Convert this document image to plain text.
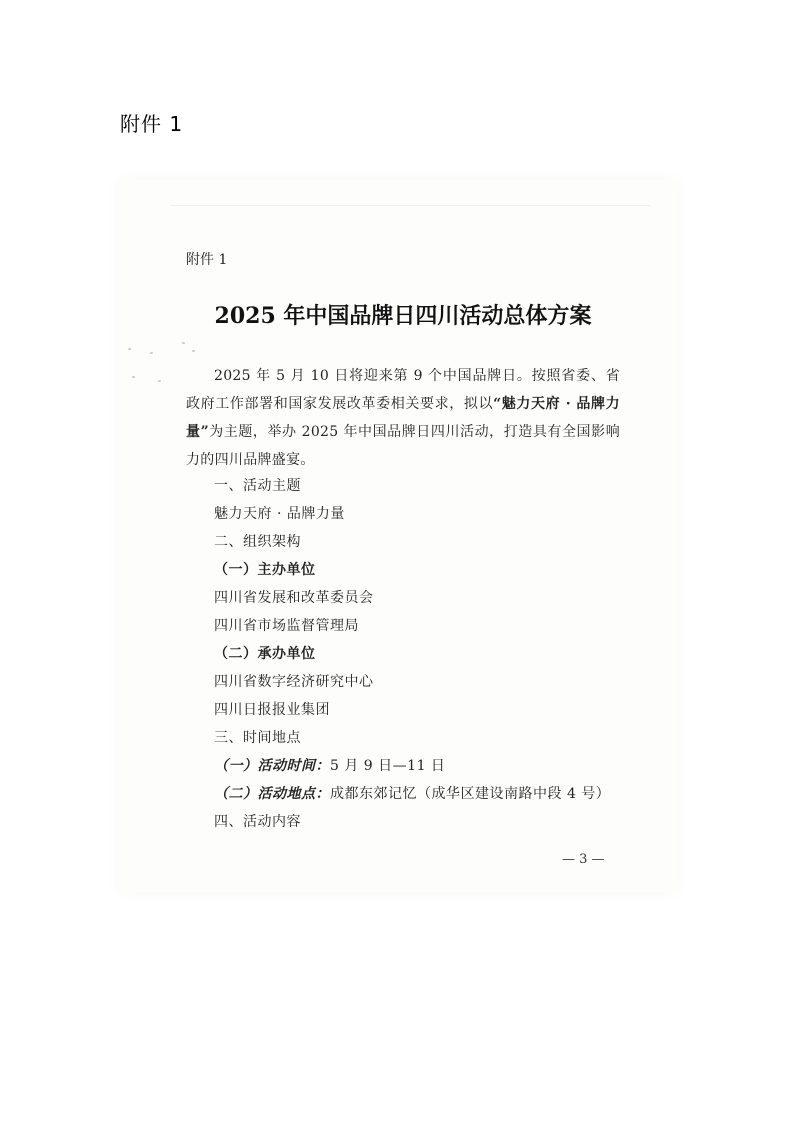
附件 1
附件 1
2025 年中国品牌日四川活动总体方案
2025 年 5 月 10 日将迎来第 9 个中国品牌日。按照省委、省政府工作部署和国家发展改革委相关要求，拟以“魅力天府 · 品牌力量”为主题，举办 2025 年中国品牌日四川活动，打造具有全国影响力的四川品牌盛宴。
一、活动主题
魅力天府 · 品牌力量
二、组织架构
（一）主办单位
四川省发展和改革委员会
四川省市场监督管理局
（二）承办单位
四川省数字经济研究中心
四川日报报业集团
三、时间地点
（一）活动时间：5 月 9 日—11 日
（二）活动地点：成都东郊记忆（成华区建设南路中段 4 号）
四、活动内容
— 3 —
